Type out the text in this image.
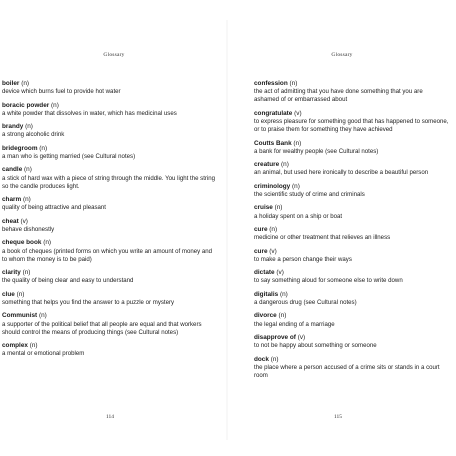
Glossary
boiler (n)
device which burns fuel to provide hot water
boracic powder (n)
a white powder that dissolves in water, which has medicinal uses
brandy (n)
a strong alcoholic drink
bridegroom (n)
a man who is getting married (see Cultural notes)
candle (n)
a stick of hard wax with a piece of string through the middle. You light the string so the candle produces light.
charm (n)
quality of being attractive and pleasant
cheat (v)
behave dishonestly
cheque book (n)
a book of cheques (printed forms on which you write an amount of money and to whom the money is to be paid)
clarity (n)
the quality of being clear and easy to understand
clue (n)
something that helps you find the answer to a puzzle or mystery
Communist (n)
a supporter of the political belief that all people are equal and that workers should control the means of producing things (see Cultural notes)
complex (n)
a mental or emotional problem
114
Glossary
confession (n)
the act of admitting that you have done something that you are ashamed of or embarrassed about
congratulate (v)
to express pleasure for something good that has happened to someone, or to praise them for something they have achieved
Coutts Bank (n)
a bank for wealthy people (see Cultural notes)
creature (n)
an animal, but used here ironically to describe a beautiful person
criminology (n)
the scientific study of crime and criminals
cruise (n)
a holiday spent on a ship or boat
cure (n)
medicine or other treatment that relieves an illness
cure (v)
to make a person change their ways
dictate (v)
to say something aloud for someone else to write down
digitalis (n)
a dangerous drug (see Cultural notes)
divorce (n)
the legal ending of a marriage
disapprove of (v)
to not be happy about something or someone
dock (n)
the place where a person accused of a crime sits or stands in a court room
115
